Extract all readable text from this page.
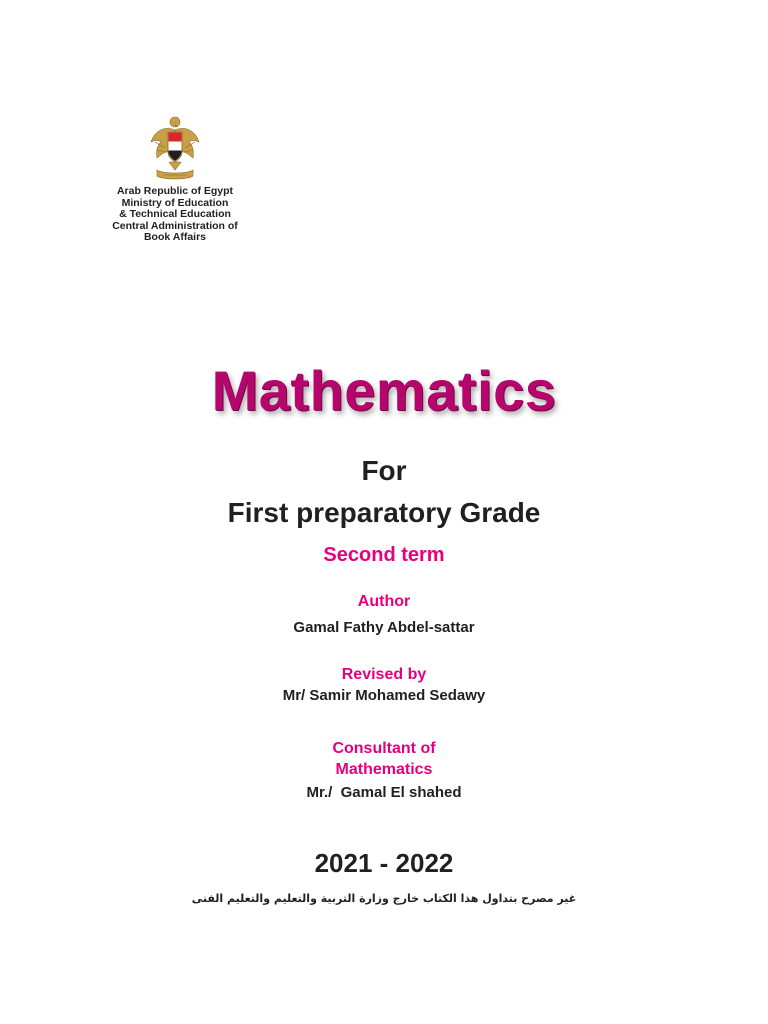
Arab Republic of Egypt
Ministry of Education
& Technical Education
Central Administration of
Book Affairs
Mathematics
For
First preparatory Grade
Second term
Author
Gamal Fathy Abdel-sattar
Revised by
Mr/ Samir Mohamed Sedawy
Consultant of
Mathematics
Mr./  Gamal El shahed
2021 - 2022
غير مصرح بتداول هذا الكتاب خارج وزارة التربية والتعليم والتعليم الفنى
